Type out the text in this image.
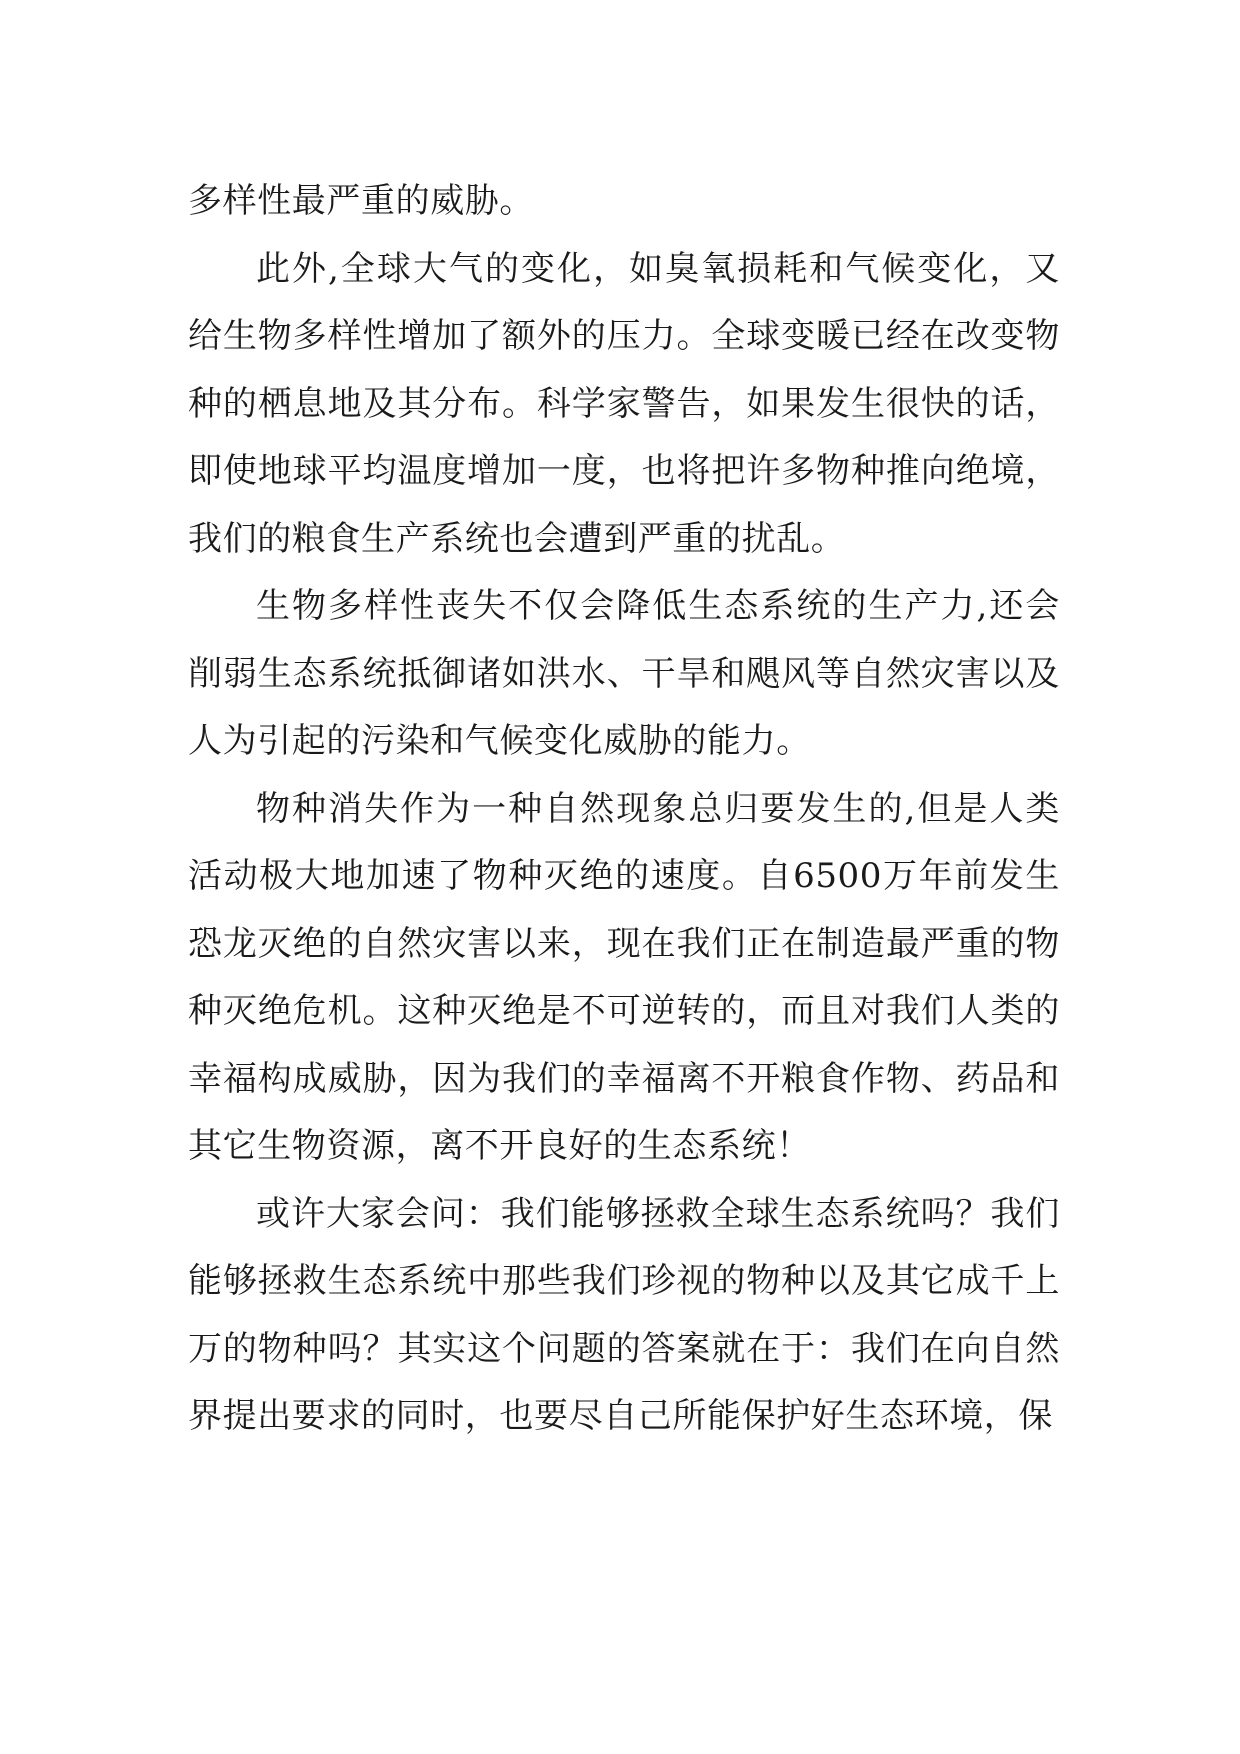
多样性最严重的威胁。

此外,全球大气的变化，如臭氧损耗和气候变化，又给生物多样性增加了额外的压力。全球变暖已经在改变物种的栖息地及其分布。科学家警告，如果发生很快的话，即使地球平均温度增加一度，也将把许多物种推向绝境，我们的粮食生产系统也会遭到严重的扰乱。

生物多样性丧失不仅会降低生态系统的生产力,还会削弱生态系统抵御诸如洪水、干旱和飓风等自然灾害以及人为引起的污染和气候变化威胁的能力。

物种消失作为一种自然现象总归要发生的,但是人类活动极大地加速了物种灭绝的速度。自6500万年前发生恐龙灭绝的自然灾害以来，现在我们正在制造最严重的物种灭绝危机。这种灭绝是不可逆转的，而且对我们人类的幸福构成威胁，因为我们的幸福离不开粮食作物、药品和其它生物资源，离不开良好的生态系统！

或许大家会问：我们能够拯救全球生态系统吗？我们能够拯救生态系统中那些我们珍视的物种以及其它成千上万的物种吗？其实这个问题的答案就在于：我们在向自然界提出要求的同时，也要尽自己所能保护好生态环境，保
